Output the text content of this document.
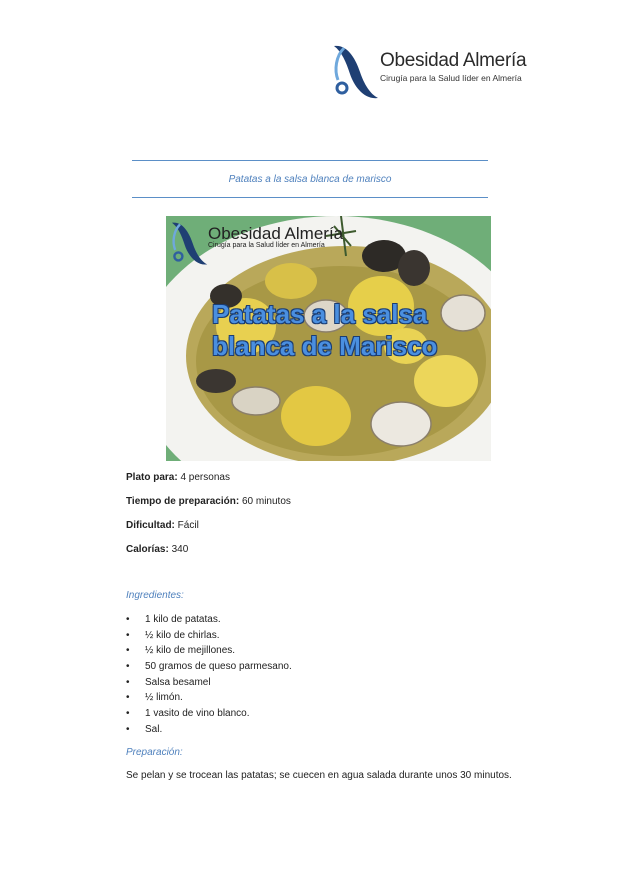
Obesidad Almería
Cirugía para la Salud líder en Almería
Patatas a la salsa blanca de marisco
Obesidad Almería
Cirugía para la Salud líder en Almería
Patatas a la salsa blanca de Marisco
Plato para: 4 personas
Tiempo de preparación: 60 minutos
Dificultad: Fácil
Calorías: 340
Ingredientes:
• 1 kilo de patatas.
• ½ kilo de chirlas.
• ½ kilo de mejillones.
• 50 gramos de queso parmesano.
• Salsa besamel
• ½ limón.
• 1 vasito de vino blanco.
• Sal.
Preparación:
Se pelan y se trocean las patatas; se cuecen en agua salada durante unos 30 minutos.
